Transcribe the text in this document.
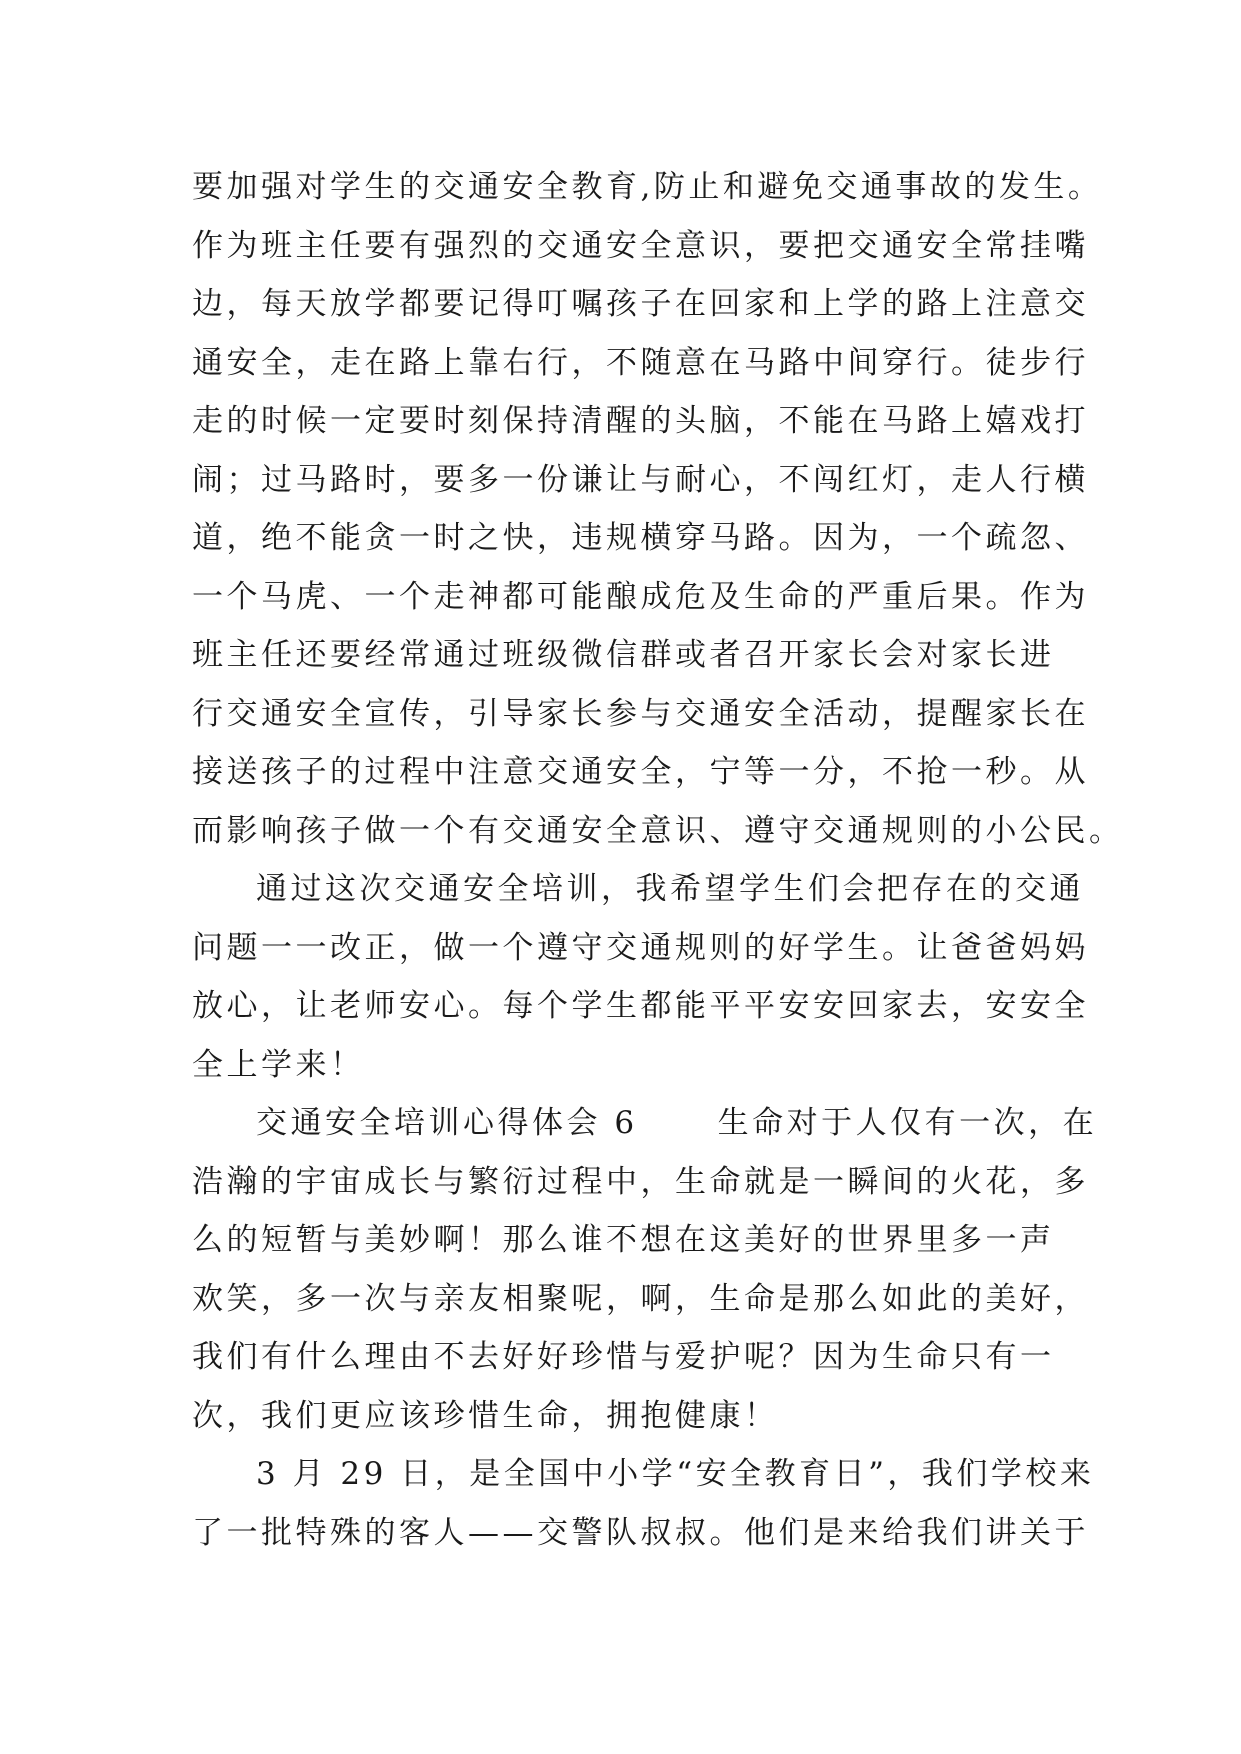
要加强对学生的交通安全教育,防止和避免交通事故的发生。
作为班主任要有强烈的交通安全意识，要把交通安全常挂嘴
边，每天放学都要记得叮嘱孩子在回家和上学的路上注意交
通安全，走在路上靠右行，不随意在马路中间穿行。徒步行
走的时候一定要时刻保持清醒的头脑，不能在马路上嬉戏打
闹；过马路时，要多一份谦让与耐心，不闯红灯，走人行横
道，绝不能贪一时之快，违规横穿马路。因为，一个疏忽、
一个马虎、一个走神都可能酿成危及生命的严重后果。作为
班主任还要经常通过班级微信群或者召开家长会对家长进
行交通安全宣传，引导家长参与交通安全活动，提醒家长在
接送孩子的过程中注意交通安全，宁等一分，不抢一秒。从
而影响孩子做一个有交通安全意识、遵守交通规则的小公民。
通过这次交通安全培训，我希望学生们会把存在的交通
问题一一改正，做一个遵守交通规则的好学生。让爸爸妈妈
放心，让老师安心。每个学生都能平平安安回家去，安安全
全上学来！
交通安全培训心得体会 6	生命对于人仅有一次，在
浩瀚的宇宙成长与繁衍过程中，生命就是一瞬间的火花，多
么的短暂与美妙啊！那么谁不想在这美好的世界里多一声
欢笑，多一次与亲友相聚呢，啊，生命是那么如此的美好，
我们有什么理由不去好好珍惜与爱护呢？因为生命只有一
次，我们更应该珍惜生命，拥抱健康！
3 月 29 日，是全国中小学“安全教育日”，我们学校来
了一批特殊的客人——交警队叔叔。他们是来给我们讲关于
